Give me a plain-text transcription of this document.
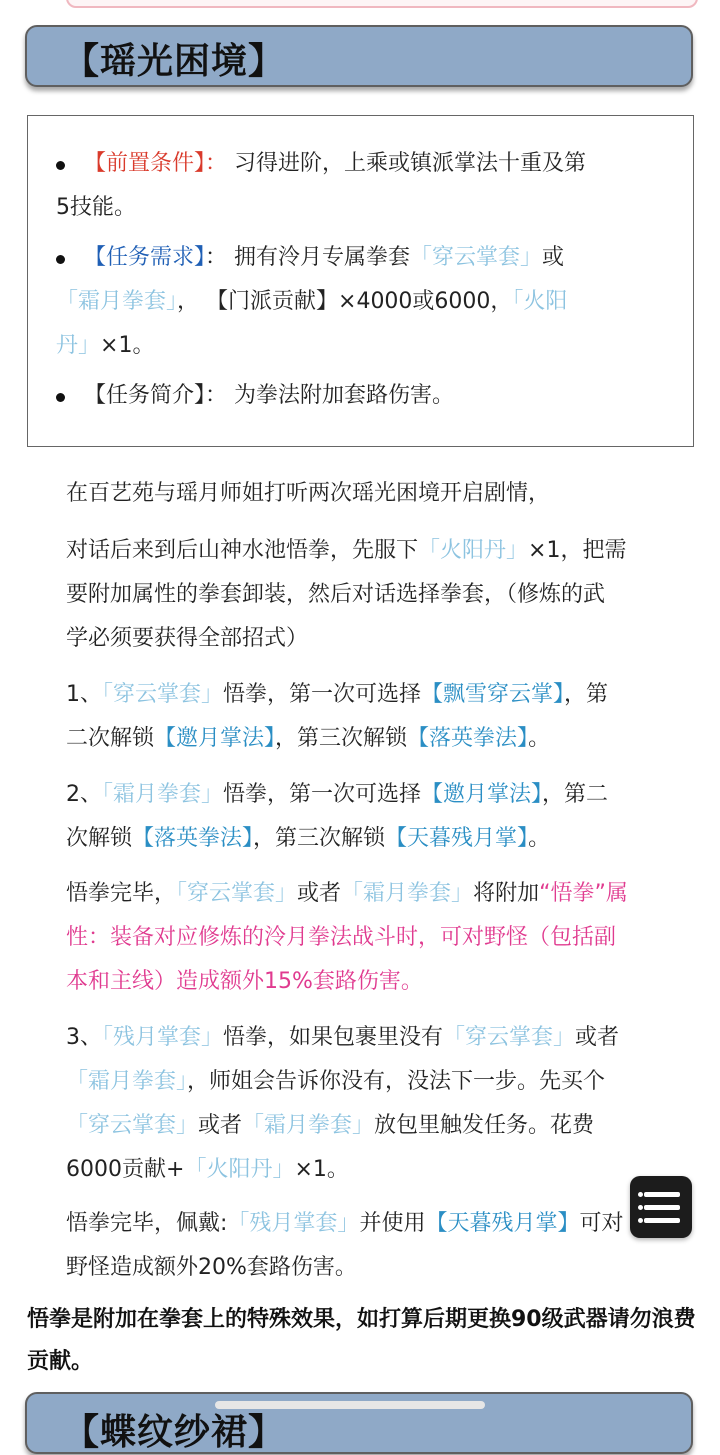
【瑶光困境】
【前置条件】： 习得进阶，上乘或镇派掌法十重及第
5技能。
【任务需求】： 拥有泠月专属拳套「穿云掌套」或
「霜月拳套」， 【门派贡献】×4000或6000，「火阳
丹」×1。
【任务简介】： 为拳法附加套路伤害。
在百艺苑与瑶月师姐打听两次瑶光困境开启剧情，
对话后来到后山神水池悟拳，先服下「火阳丹」×1，把需
要附加属性的拳套卸装，然后对话选择拳套，（修炼的武
学必须要获得全部招式）
1、「穿云掌套」悟拳，第一次可选择【飘雪穿云掌】，第
二次解锁【邀月掌法】，第三次解锁【落英拳法】。
2、「霜月拳套」悟拳，第一次可选择【邀月掌法】，第二
次解锁【落英拳法】，第三次解锁【天暮残月掌】。
悟拳完毕，「穿云掌套」或者「霜月拳套」将附加“悟拳”属
性：装备对应修炼的泠月拳法战斗时，可对野怪（包括副
本和主线）造成额外15%套路伤害。
3、「残月掌套」悟拳，如果包裹里没有「穿云掌套」或者
「霜月拳套」，师姐会告诉你没有，没法下一步。先买个
「穿云掌套」或者「霜月拳套」放包里触发任务。花费
6000贡献+「火阳丹」×1。
悟拳完毕，佩戴:「残月掌套」并使用【天暮残月掌】可对
野怪造成额外20%套路伤害。
悟拳是附加在拳套上的特殊效果，如打算后期更换90级武器请勿浪费贡献。
【蝶纹纱裙】
